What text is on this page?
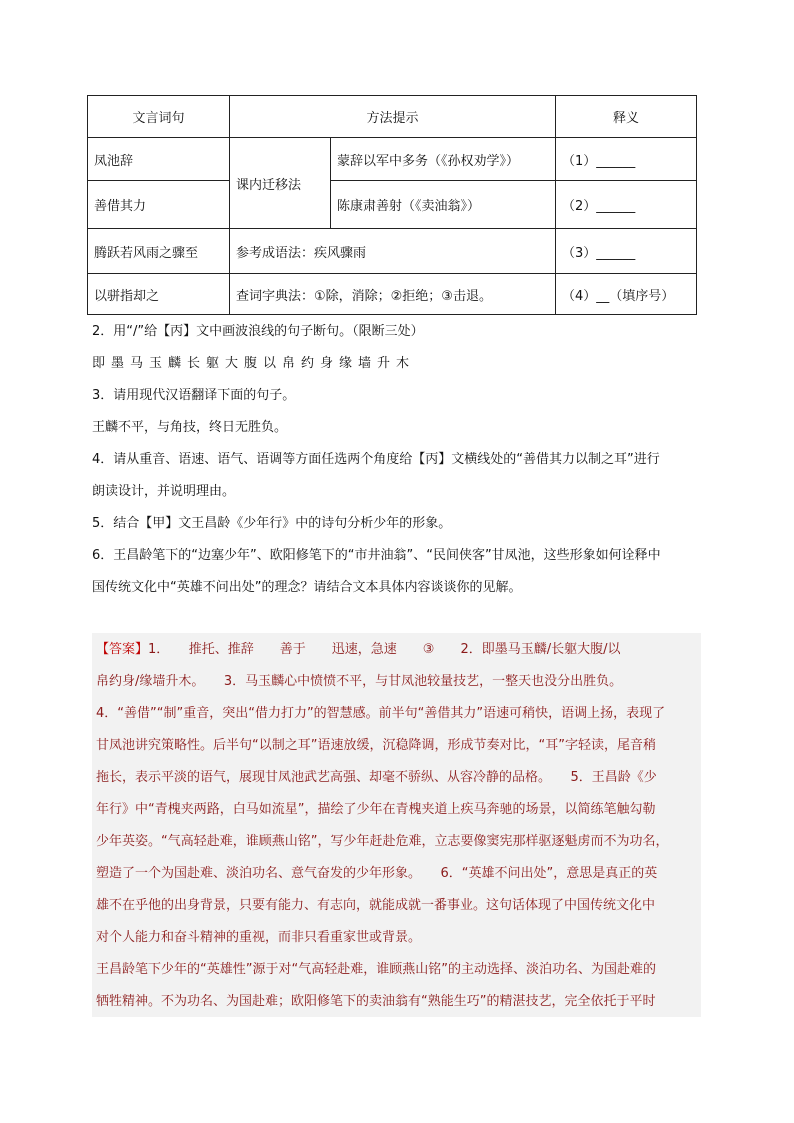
文言词句	方法提示		释义
凤池辞	课内迁移法	蒙辞以军中多务（《孙权劝学》）	（1）______
善借其力		陈康肃善射（《卖油翁》）	（2）______
腾跃若风雨之骤至	参考成语法：疾风骤雨		（3）______
以骈指却之	查词字典法：①除，消除；②拒绝；③击退。		（4）__（填序号）
2．用“/”给【丙】文中画波浪线的句子断句。（限断三处）
即墨马玉麟长躯大腹以帛约身缘墙升木
3．请用现代汉语翻译下面的句子。
王麟不平，与角技，终日无胜负。
4．请从重音、语速、语气、语调等方面任选两个角度给【丙】文横线处的“善借其力以制之耳”进行
朗读设计，并说明理由。
5．结合【甲】文王昌龄《少年行》中的诗句分析少年的形象。
6．王昌龄笔下的“边塞少年”、欧阳修笔下的“市井油翁”、“民间侠客”甘凤池，这些形象如何诠释中
国传统文化中“英雄不问出处”的理念？请结合文本具体内容谈谈你的见解。
【答案】1．　　推托、推辞　　善于　　迅速，急速　　③　　2．即墨马玉麟/长躯大腹/以
帛约身/缘墙升木。　　3．马玉麟心中愤愤不平，与甘凤池较量技艺，一整天也没分出胜负。
4．“善借”“制”重音，突出“借力打力”的智慧感。前半句“善借其力”语速可稍快，语调上扬，表现了
甘凤池讲究策略性。后半句“以制之耳”语速放缓，沉稳降调，形成节奏对比，“耳”字轻读，尾音稍
拖长，表示平淡的语气，展现甘凤池武艺高强、却毫不骄纵、从容冷静的品格。　　5．王昌龄《少
年行》中“青槐夹两路，白马如流星”，描绘了少年在青槐夹道上疾马奔驰的场景，以简练笔触勾勒
少年英姿。“气高轻赴难，谁顾燕山铭”，写少年赶赴危难，立志要像窦宪那样驱逐魁虏而不为功名，
塑造了一个为国赴难、淡泊功名、意气奋发的少年形象。　　6．“英雄不问出处”，意思是真正的英
雄不在乎他的出身背景，只要有能力、有志向，就能成就一番事业。这句话体现了中国传统文化中
对个人能力和奋斗精神的重视，而非只看重家世或背景。
王昌龄笔下少年的“英雄性”源于对“气高轻赴难，谁顾燕山铭”的主动选择、淡泊功名、为国赴难的
牺牲精神。不为功名、为国赴难；欧阳修笔下的卖油翁有“熟能生巧”的精湛技艺，完全依托于平时
